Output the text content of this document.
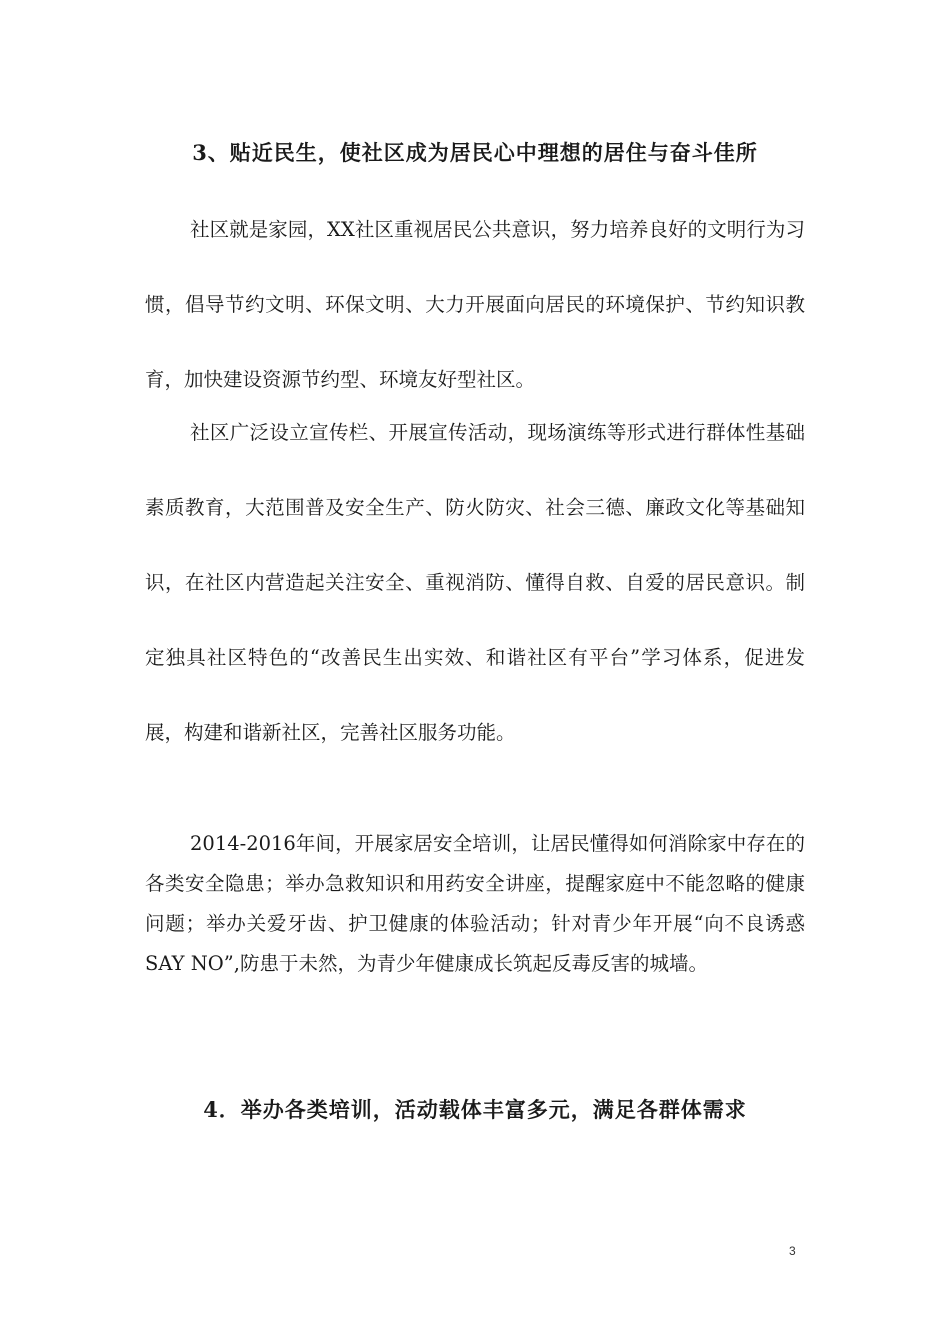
3、贴近民生，使社区成为居民心中理想的居住与奋斗佳所

社区就是家园，XX社区重视居民公共意识，努力培养良好的文明行为习惯，倡导节约文明、环保文明、大力开展面向居民的环境保护、节约知识教育，加快建设资源节约型、环境友好型社区。

社区广泛设立宣传栏、开展宣传活动，现场演练等形式进行群体性基础素质教育，大范围普及安全生产、防火防灾、社会三德、廉政文化等基础知识，在社区内营造起关注安全、重视消防、懂得自救、自爱的居民意识。制定独具社区特色的“改善民生出实效、和谐社区有平台”学习体系，促进发展，构建和谐新社区，完善社区服务功能。

2014-2016年间，开展家居安全培训，让居民懂得如何消除家中存在的各类安全隐患；举办急救知识和用药安全讲座，提醒家庭中不能忽略的健康问题；举办关爱牙齿、护卫健康的体验活动；针对青少年开展“向不良诱惑SAY NO”,防患于未然，为青少年健康成长筑起反毒反害的城墙。

4．举办各类培训，活动载体丰富多元，满足各群体需求
3
